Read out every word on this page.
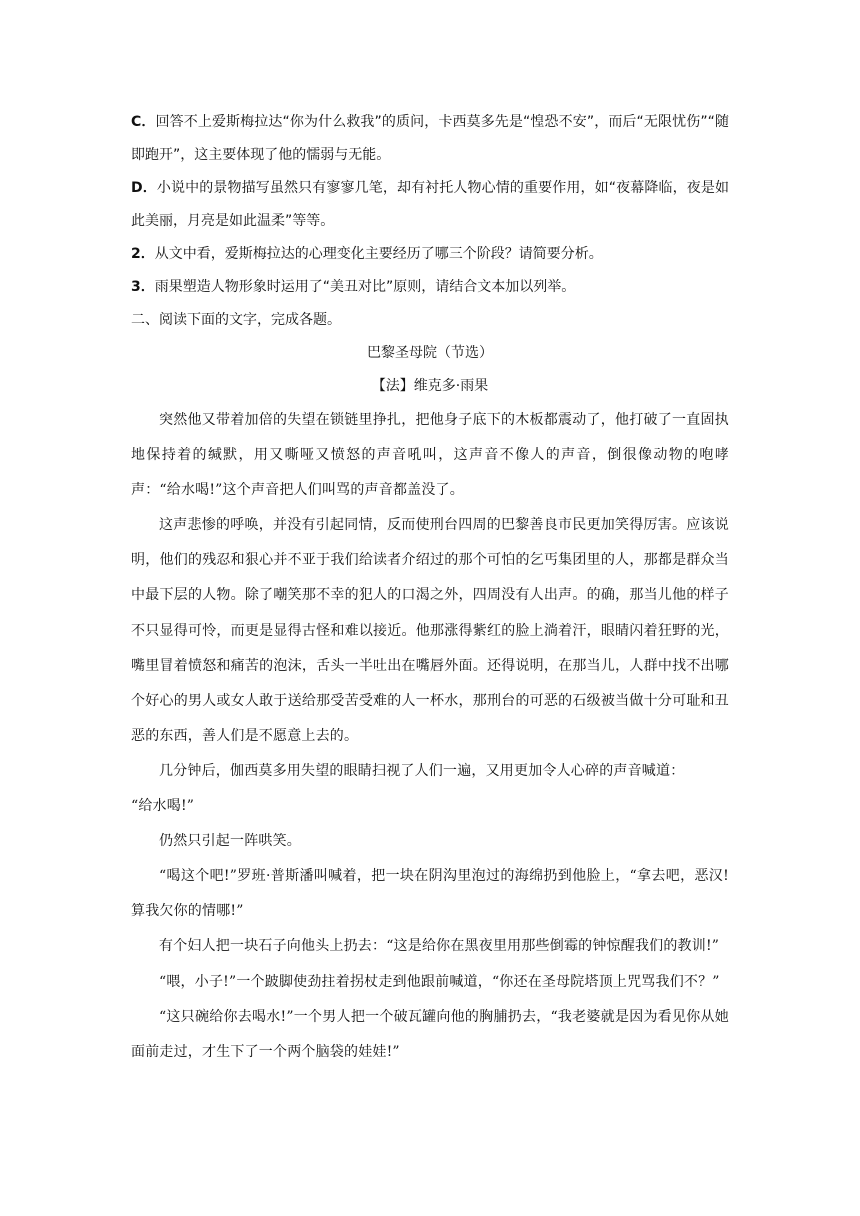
C．回答不上爱斯梅拉达“你为什么救我”的质问，卡西莫多先是“惶恐不安”，而后“无限忧伤”“随即跑开”，这主要体现了他的懦弱与无能。

D．小说中的景物描写虽然只有寥寥几笔，却有衬托人物心情的重要作用，如“夜幕降临，夜是如此美丽，月亮是如此温柔”等等。

2．从文中看，爱斯梅拉达的心理变化主要经历了哪三个阶段？请简要分析。

3．雨果塑造人物形象时运用了“美丑对比”原则，请结合文本加以列举。

二、阅读下面的文字，完成各题。

巴黎圣母院（节选）

【法】维克多·雨果

突然他又带着加倍的失望在锁链里挣扎，把他身子底下的木板都震动了，他打破了一直固执地保持着的缄默，用又嘶哑又愤怒的声音吼叫，这声音不像人的声音，倒很像动物的咆哮声：“给水喝!”这个声音把人们叫骂的声音都盖没了。

这声悲惨的呼唤，并没有引起同情，反而使刑台四周的巴黎善良市民更加笑得厉害。应该说明，他们的残忍和狠心并不亚于我们给读者介绍过的那个可怕的乞丐集团里的人，那都是群众当中最下层的人物。除了嘲笑那不幸的犯人的口渴之外，四周没有人出声。的确，那当儿他的样子不只显得可怜，而更是显得古怪和难以接近。他那涨得紫红的脸上淌着汗，眼睛闪着狂野的光，嘴里冒着愤怒和痛苦的泡沫，舌头一半吐出在嘴唇外面。还得说明，在那当儿，人群中找不出哪个好心的男人或女人敢于送给那受苦受难的人一杯水，那刑台的可恶的石级被当做十分可耻和丑恶的东西，善人们是不愿意上去的。

几分钟后，伽西莫多用失望的眼睛扫视了人们一遍，又用更加令人心碎的声音喊道：

“给水喝!”

仍然只引起一阵哄笑。

“喝这个吧!”罗班·普斯潘叫喊着，把一块在阴沟里泡过的海绵扔到他脸上，“拿去吧，恶汉!算我欠你的情哪!”

有个妇人把一块石子向他头上扔去：“这是给你在黑夜里用那些倒霉的钟惊醒我们的教训!”

“喂，小子!”一个跛脚使劲拄着拐杖走到他跟前喊道，“你还在圣母院塔顶上咒骂我们不？”

“这只碗给你去喝水!”一个男人把一个破瓦罐向他的胸脯扔去，“我老婆就是因为看见你从她面前走过，才生下了一个两个脑袋的娃娃!”
